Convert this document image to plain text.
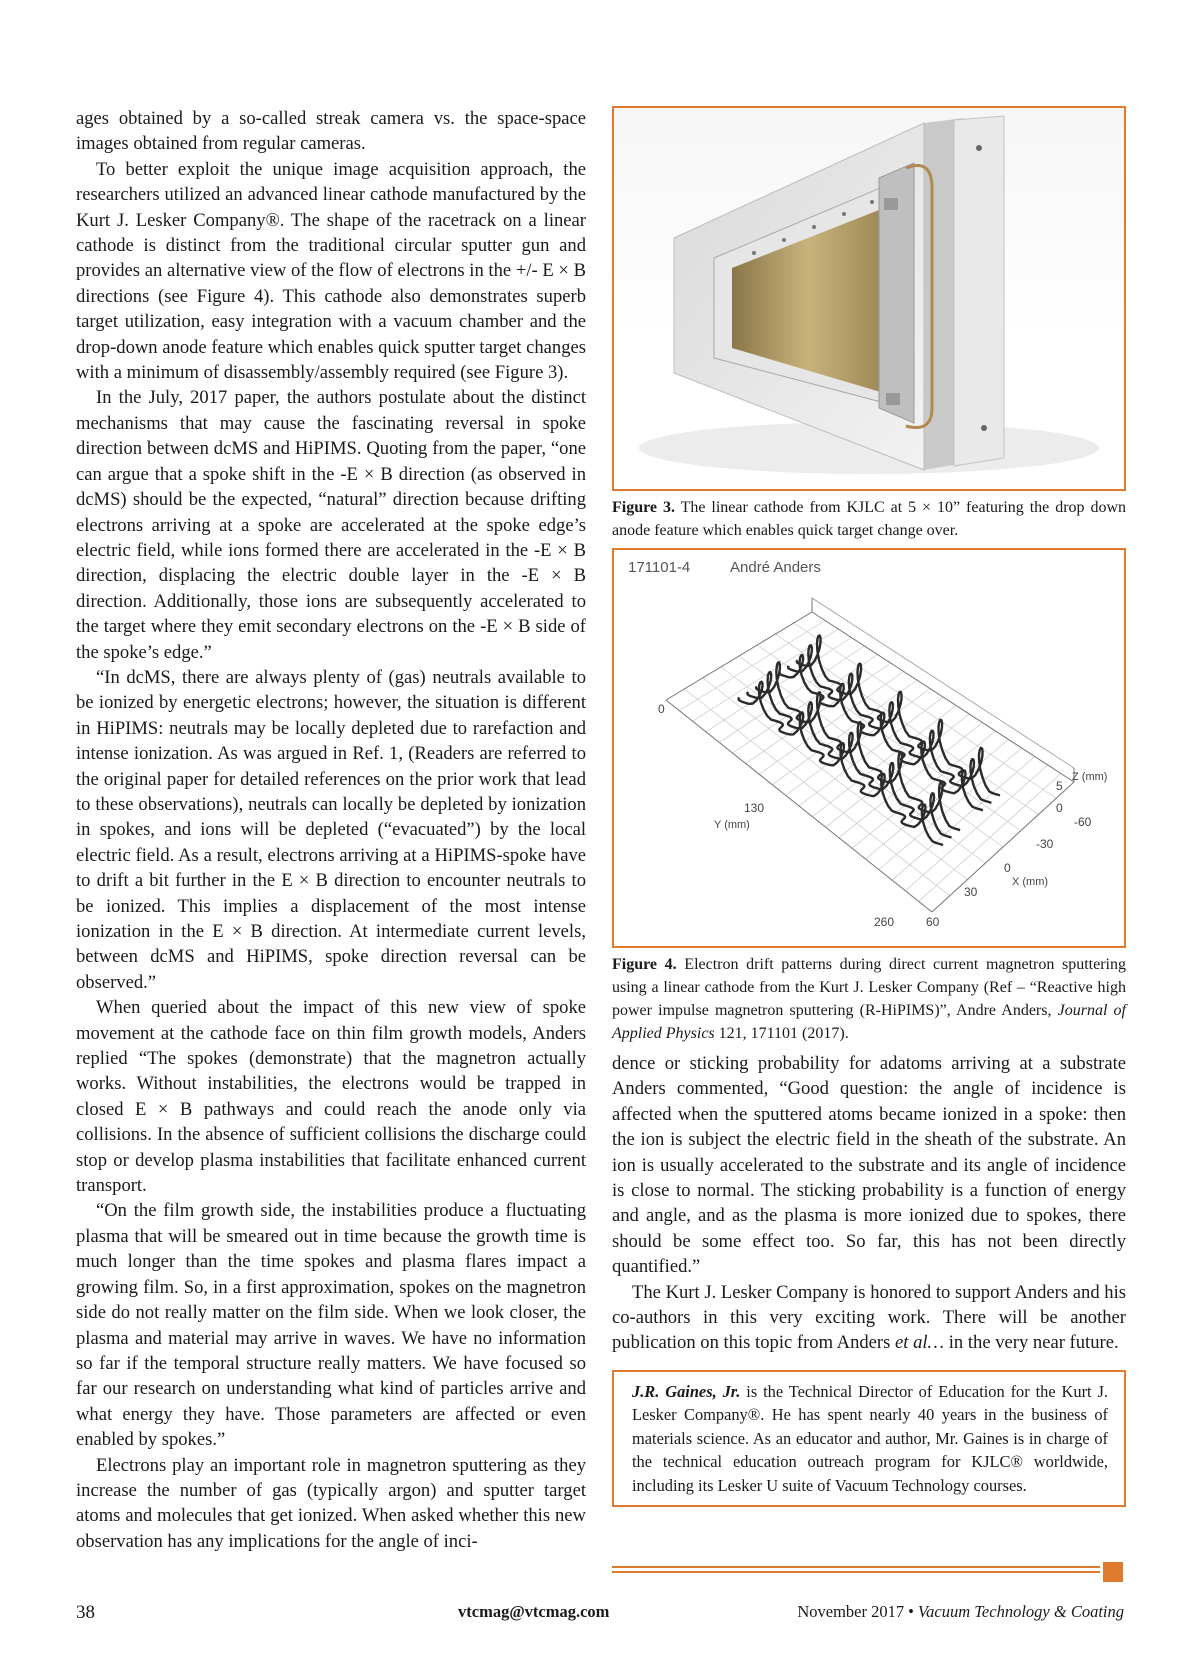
ages obtained by a so-called streak camera vs. the space-space images obtained from regular cameras.

To better exploit the unique image acquisition approach, the researchers utilized an advanced linear cathode manufactured by the Kurt J. Lesker Company®. The shape of the racetrack on a linear cathode is distinct from the traditional circular sputter gun and provides an alternative view of the flow of electrons in the +/- E × B directions (see Figure 4). This cathode also demonstrates superb target utilization, easy integration with a vacuum chamber and the drop-down anode feature which enables quick sputter target changes with a minimum of disassembly/assembly required (see Figure 3).

In the July, 2017 paper, the authors postulate about the distinct mechanisms that may cause the fascinating reversal in spoke direction between dcMS and HiPIMS. Quoting from the paper, “one can argue that a spoke shift in the -E × B direction (as observed in dcMS) should be the expected, “natural” direction because drifting electrons arriving at a spoke are accelerated at the spoke edge’s electric field, while ions formed there are accelerated in the -E × B direction, displacing the electric double layer in the -E × B direction. Additionally, those ions are subsequently accelerated to the target where they emit secondary electrons on the -E × B side of the spoke’s edge.”

“In dcMS, there are always plenty of (gas) neutrals available to be ionized by energetic electrons; however, the situation is different in HiPIMS: neutrals may be locally depleted due to rarefaction and intense ionization. As was argued in Ref. 1, (Readers are referred to the original paper for detailed references on the prior work that lead to these observations), neutrals can locally be depleted by ionization in spokes, and ions will be depleted (“evacuated”) by the local electric field. As a result, electrons arriving at a HiPIMS-spoke have to drift a bit further in the E × B direction to encounter neutrals to be ionized. This implies a displacement of the most intense ionization in the E × B direction. At intermediate current levels, between dcMS and HiPIMS, spoke direction reversal can be observed.”

When queried about the impact of this new view of spoke movement at the cathode face on thin film growth models, Anders replied “The spokes (demonstrate) that the magnetron actually works. Without instabilities, the electrons would be trapped in closed E × B pathways and could reach the anode only via collisions. In the absence of sufficient collisions the discharge could stop or develop plasma instabilities that facilitate enhanced current transport.

“On the film growth side, the instabilities produce a fluctuating plasma that will be smeared out in time because the growth time is much longer than the time spokes and plasma flares impact a growing film. So, in a first approximation, spokes on the magnetron side do not really matter on the film side. When we look closer, the plasma and material may arrive in waves. We have no information so far if the temporal structure really matters. We have focused so far our research on understanding what kind of particles arrive and what energy they have. Those parameters are affected or even enabled by spokes.”

Electrons play an important role in magnetron sputtering as they increase the number of gas (typically argon) and sputter target atoms and molecules that get ionized. When asked whether this new observation has any implications for the angle of inci-

Figure 3. The linear cathode from KJLC at 5 × 10” featuring the drop down anode feature which enables quick target change over.

171101-4	André Anders
0
130
Y (mm)
260
Z (mm)
5
0
-60
-30
0
X (mm)
30
60

Figure 4. Electron drift patterns during direct current magnetron sputtering using a linear cathode from the Kurt J. Lesker Company (Ref – “Reactive high power impulse magnetron sputtering (R-HiPIMS)”, Andre Anders, Journal of Applied Physics 121, 171101 (2017).

dence or sticking probability for adatoms arriving at a substrate Anders commented, “Good question: the angle of incidence is affected when the sputtered atoms became ionized in a spoke: then the ion is subject the electric field in the sheath of the substrate. An ion is usually accelerated to the substrate and its angle of incidence is close to normal. The sticking probability is a function of energy and angle, and as the plasma is more ionized due to spokes, there should be some effect too. So far, this has not been directly quantified.”

The Kurt J. Lesker Company is honored to support Anders and his co-authors in this very exciting work. There will be another publication on this topic from Anders et al… in the very near future.

J.R. Gaines, Jr. is the Technical Director of Education for the Kurt J. Lesker Company®. He has spent nearly 40 years in the business of materials science. As an educator and author, Mr. Gaines is in charge of the technical education outreach program for KJLC® worldwide, including its Lesker U suite of Vacuum Technology courses.

38	vtcmag@vtcmag.com	November 2017 • Vacuum Technology & Coating
